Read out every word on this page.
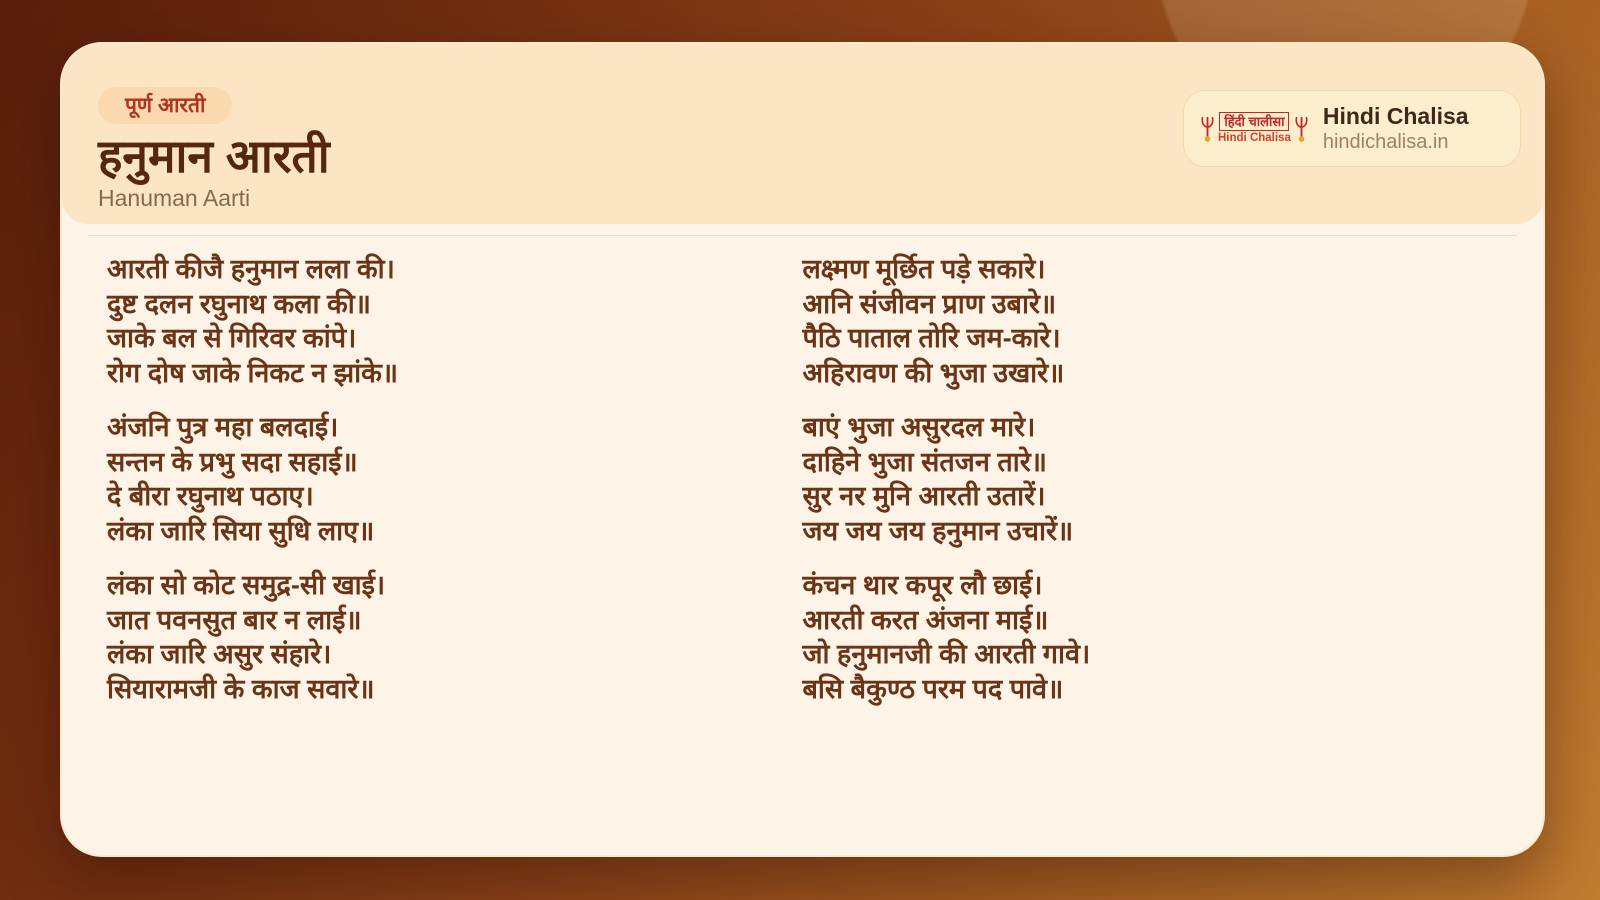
पूर्ण आरती
हनुमान आरती
Hanuman Aarti
हिंदी चालीसा
Hindi Chalisa
Hindi Chalisa
hindichalisa.in

आरती कीजै हनुमान लला की।

दुष्ट दलन रघुनाथ कला की॥

जाके बल से गिरिवर कांपे।

रोग दोष जाके निकट न झांके॥

अंजनि पुत्र महा बलदाई।

सन्तन के प्रभु सदा सहाई॥

दे बीरा रघुनाथ पठाए।

लंका जारि सिया सुधि लाए॥

लंका सो कोट समुद्र-सी खाई।

जात पवनसुत बार न लाई॥

लंका जारि असुर संहारे।

सियारामजी के काज सवारे॥

लक्ष्मण मूर्छित पड़े सकारे।

आनि संजीवन प्राण उबारे॥

पैठि पाताल तोरि जम-कारे।

अहिरावण की भुजा उखारे॥

बाएं भुजा असुरदल मारे।

दाहिने भुजा संतजन तारे॥

सुर नर मुनि आरती उतारें।

जय जय जय हनुमान उचारें॥

कंचन थार कपूर लौ छाई।

आरती करत अंजना माई॥

जो हनुमानजी की आरती गावे।

बसि बैकुण्ठ परम पद पावे॥
